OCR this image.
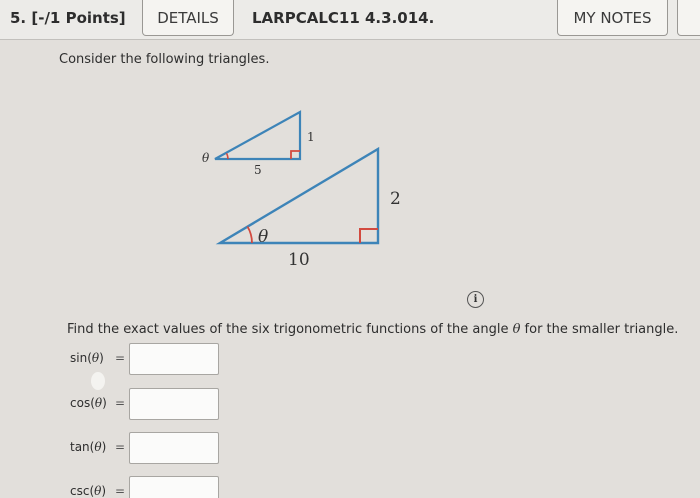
5. [-/1 Points]	DETAILS	LARPCALC11 4.3.014.	MY NOTES
Consider the following triangles.
θ
5
1
θ
10
2
i
Find the exact values of the six trigonometric functions of the angle θ for the smaller triangle.
sin(θ) =
cos(θ) =
tan(θ) =
csc(θ) =
